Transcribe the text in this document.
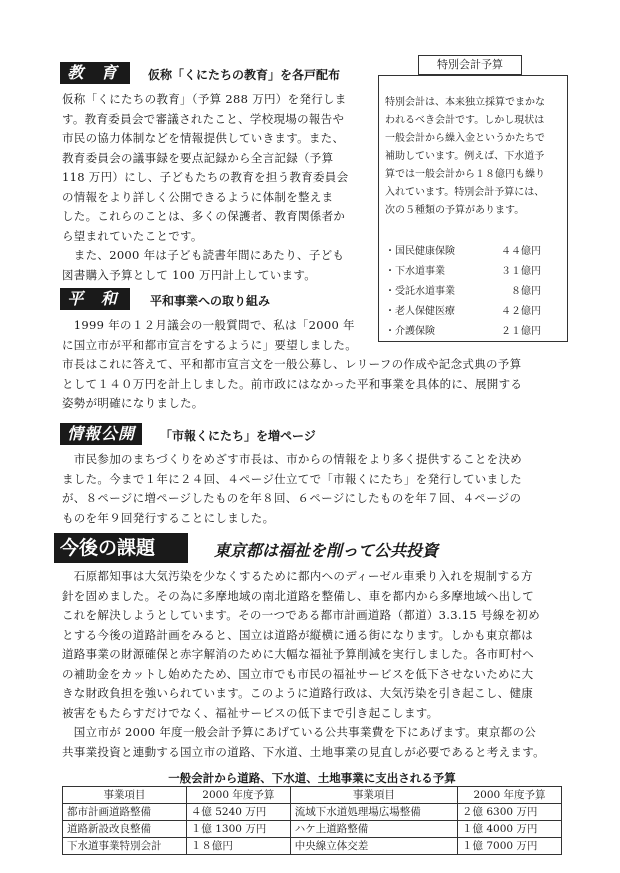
教 育	仮称「くにたちの教育」を各戸配布

仮称「くにたちの教育」（予算 288 万円）を発行しま

す。教育委員会で審議されたこと、学校現場の報告や

市民の協力体制などを情報提供していきます。また、

教育委員会の議事録を要点記録から全言記録（予算

118 万円）にし、子どもたちの教育を担う教育委員会

の情報をより詳しく公開できるように体制を整えま

した。これらのことは、多くの保護者、教育関係者か

ら望まれていたことです。

　また、2000 年は子ども読書年間にあたり、子ども

図書購入予算として 100 万円計上しています。

特別会計は、本来独立採算でまかな

われるべき会計です。しかし現状は

一般会計から繰入金というかたちで

補助しています。例えば、下水道予

算では一般会計から１８億円も繰り

入れています。特別会計予算には、

次の５種類の予算があります。

・国民健康保険	４４億円
・下水道事業	３１億円
・受託水道事業	８億円
・老人保健医療	４２億円
・介護保険	２１億円
特別会計予算
平 和	平和事業への取り組み

　1999 年の１２月議会の一般質問で、私は「2000 年

に国立市が平和都市宣言をするように」要望しました。

市長はこれに答えて、平和都市宣言文を一般公募し、レリーフの作成や記念式典の予算

として１４０万円を計上しました。前市政にはなかった平和事業を具体的に、展開する

姿勢が明確になりました。

情報公開	「市報くにたち」を増ページ

　市民参加のまちづくりをめざす市長は、市からの情報をより多く提供することを決め

ました。今まで１年に２４回、４ページ仕立てで「市報くにたち」を発行していました

が、８ページに増ページしたものを年８回、６ページにしたものを年７回、４ページの

ものを年９回発行することにしました。

今後の課題	東京都は福祉を削って公共投資

　石原都知事は大気汚染を少なくするために都内へのディーゼル車乗り入れを規制する方

針を固めました。その為に多摩地域の南北道路を整備し、車を都内から多摩地域へ出して

これを解決しようとしています。その一つである都市計画道路（都道）3.3.15 号線を初め

とする今後の道路計画をみると、国立は道路が縦横に通る街になります。しかも東京都は

道路事業の財源確保と赤字解消のために大幅な福祉予算削減を実行しました。各市町村へ

の補助金をカットし始めたため、国立市でも市民の福祉サービスを低下させないために大

きな財政負担を強いられています。このように道路行政は、大気汚染を引き起こし、健康

被害をもたらすだけでなく、福祉サービスの低下まで引き起こします。

　国立市が 2000 年度一般会計予算にあげている公共事業費を下にあげます。東京都の公

共事業投資と連動する国立市の道路、下水道、土地事業の見直しが必要であると考えます。

一般会計から道路、下水道、土地事業に支出される予算
事業項目	2000 年度予算	事業項目	2000 年度予算
都市計画道路整備	４億 5240 万円	流域下水道処理場広場整備	２億 6300 万円
道路新設改良整備	１億 1300 万円	ハケ上道路整備	１億 4000 万円
下水道事業特別会計	１８億円	中央線立体交差	１億 7000 万円
